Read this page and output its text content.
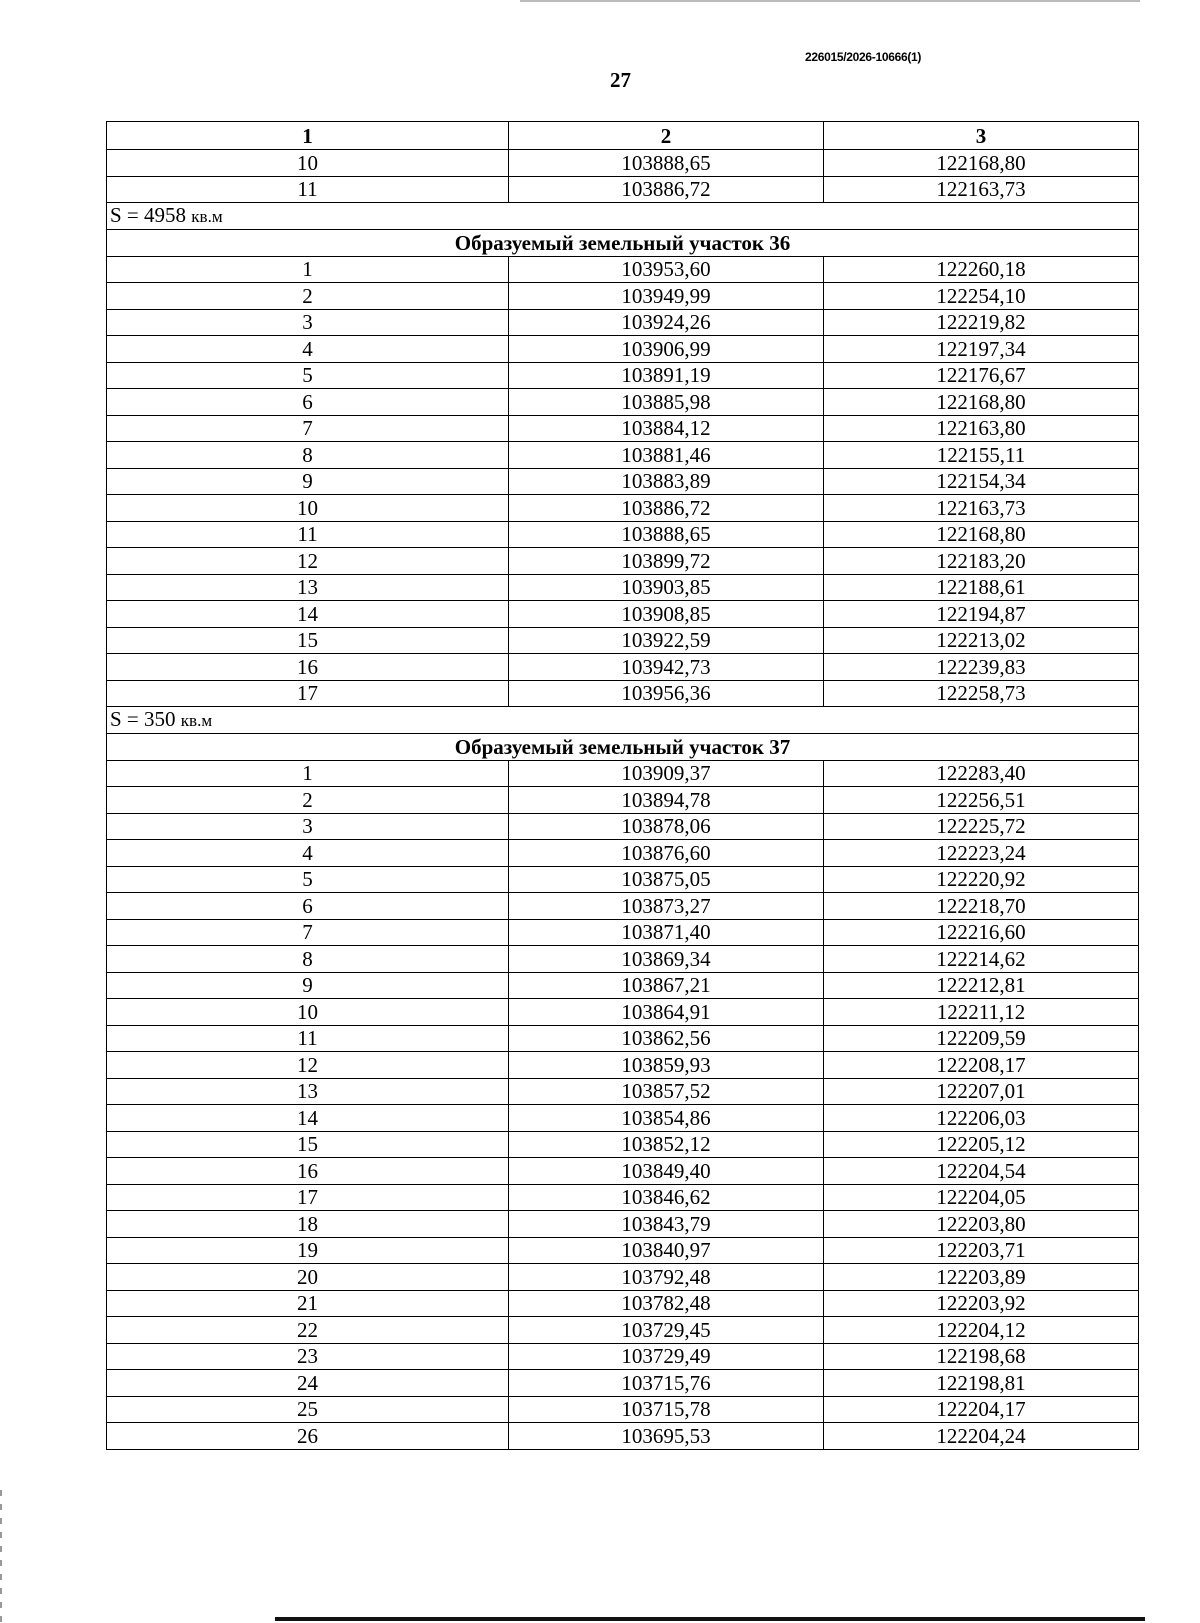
226015/2026-10666(1)
27
1	2	3
10	103888,65	122168,80
11	103886,72	122163,73
S = 4958 кв.м		
Образуемый земельный участок 36		
1	103953,60	122260,18
2	103949,99	122254,10
3	103924,26	122219,82
4	103906,99	122197,34
5	103891,19	122176,67
6	103885,98	122168,80
7	103884,12	122163,80
8	103881,46	122155,11
9	103883,89	122154,34
10	103886,72	122163,73
11	103888,65	122168,80
12	103899,72	122183,20
13	103903,85	122188,61
14	103908,85	122194,87
15	103922,59	122213,02
16	103942,73	122239,83
17	103956,36	122258,73
S = 350 кв.м		
Образуемый земельный участок 37		
1	103909,37	122283,40
2	103894,78	122256,51
3	103878,06	122225,72
4	103876,60	122223,24
5	103875,05	122220,92
6	103873,27	122218,70
7	103871,40	122216,60
8	103869,34	122214,62
9	103867,21	122212,81
10	103864,91	122211,12
11	103862,56	122209,59
12	103859,93	122208,17
13	103857,52	122207,01
14	103854,86	122206,03
15	103852,12	122205,12
16	103849,40	122204,54
17	103846,62	122204,05
18	103843,79	122203,80
19	103840,97	122203,71
20	103792,48	122203,89
21	103782,48	122203,92
22	103729,45	122204,12
23	103729,49	122198,68
24	103715,76	122198,81
25	103715,78	122204,17
26	103695,53	122204,24
